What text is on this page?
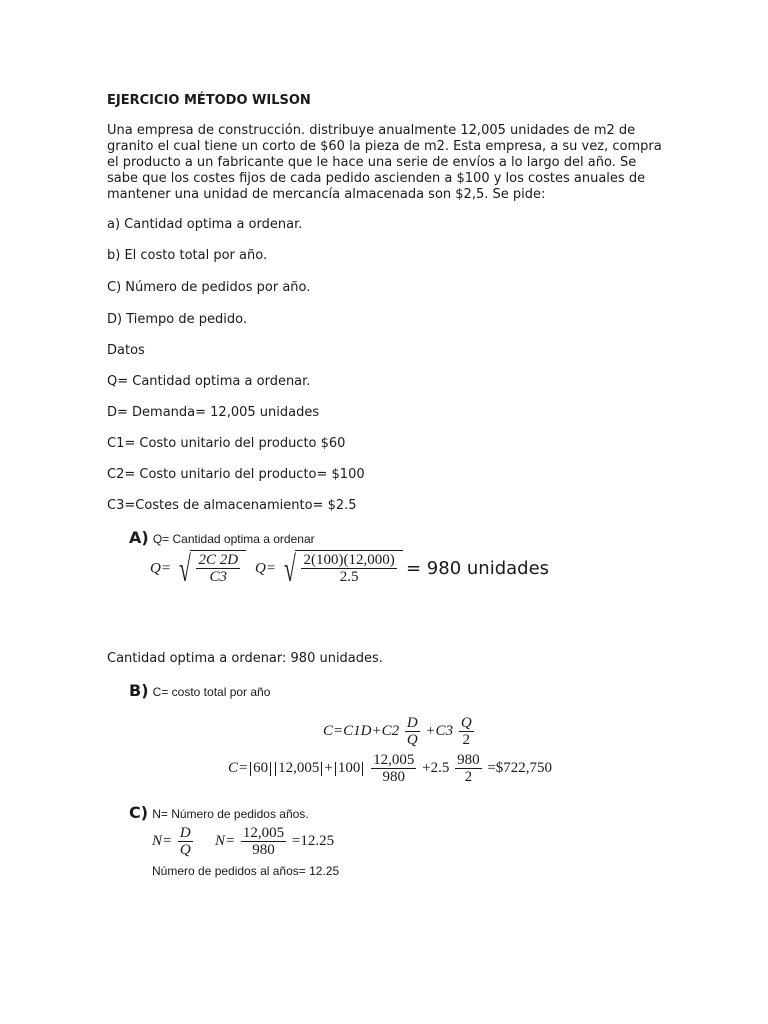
EJERCICIO MÉTODO WILSON
Una empresa de construcción. distribuye anualmente 12,005 unidades de m2 de granito el cual tiene un corto de $60 la pieza de m2. Esta empresa, a su vez, compra el producto a un fabricante que le hace una serie de envíos a lo largo del año. Se sabe que los costes fijos de cada pedido ascienden a $100 y los costes anuales de mantener una unidad de mercancía almacenada son $2,5. Se pide:
a) Cantidad optima a ordenar.
b) El costo total por año.
C) Número de pedidos por año.
D) Tiempo de pedido.
Datos
Q= Cantidad optima a ordenar.
D= Demanda= 12,005 unidades
C1= Costo unitario del producto $60
C2= Costo unitario del producto= $100
C3=Costes de almacenamiento= $2.5
A) Q= Cantidad optima a ordenar
Q= √ $\frac{2C 2D}{C3} Q=$ √ $\frac{2(100)(12,000)}{2.5} = 980$ unidades
Cantidad optima a ordenar: 980 unidades.
B) C= costo total por año
$C=C1D+C2 \frac{D}{Q} +C3 \frac{Q}{2}$
C= 60 $12,005 + 100 \frac{12,005}{980} +2.5 \frac{980}{2}$ =$722,750
C) N= Número de pedidos años.
$N= \frac{D}{Q} N= \frac{12,005}{980} =12.25$
Número de pedidos al años= 12.25
